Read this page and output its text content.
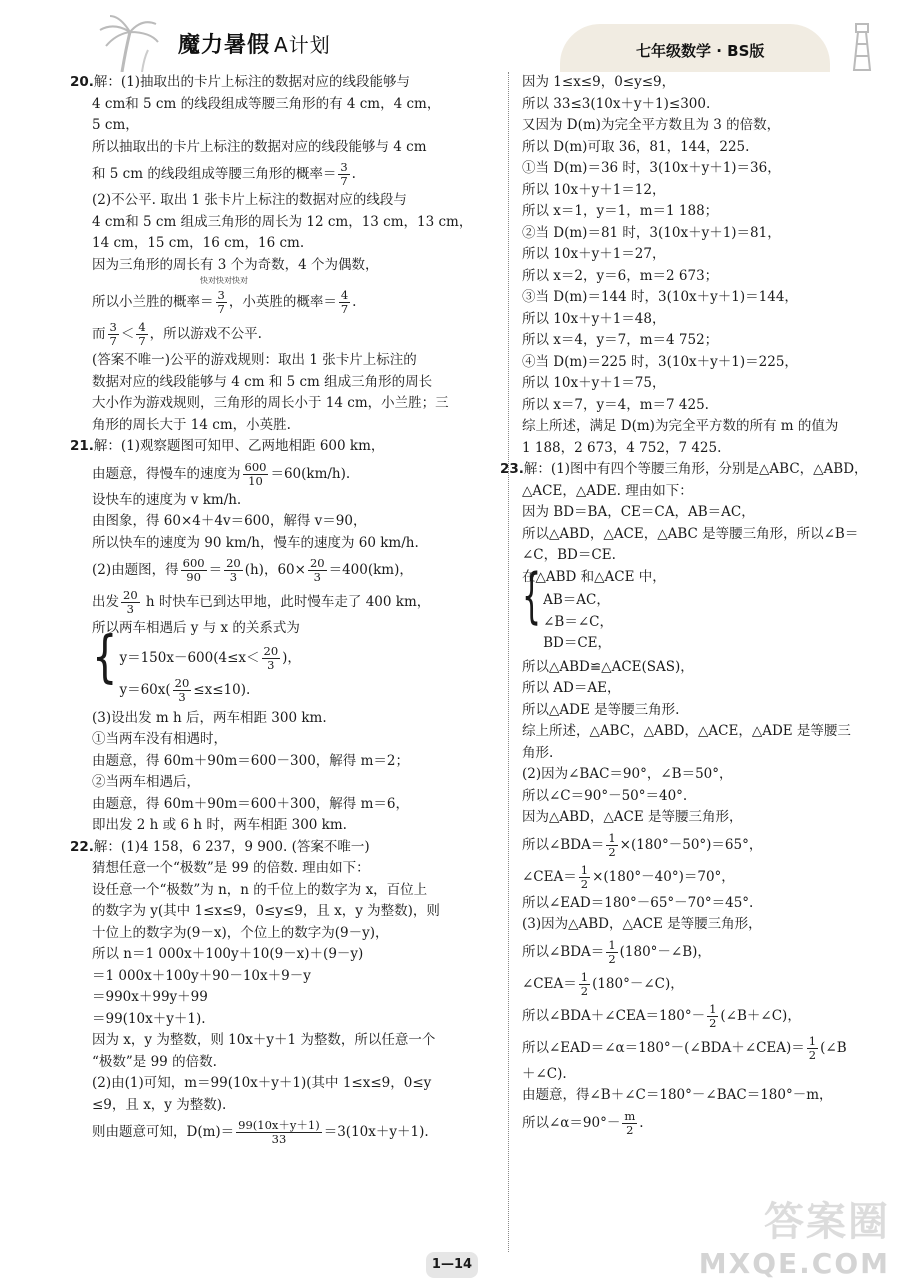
魔力暑假 A计划	七年级数学 · BS版

20.解：(1)抽取出的卡片上标注的数据对应的线段能够与

4 cm和 5 cm 的线段组成等腰三角形的有 4 cm，4 cm，

5 cm，

所以抽取出的卡片上标注的数据对应的线段能够与 4 cm

和 5 cm 的线段组成等腰三角形的概率＝ $\frac{3}{7}$ .

(2)不公平. 取出 1 张卡片上标注的数据对应的线段与

4 cm和 5 cm 组成三角形的周长为 12 cm，13 cm，13 cm，

14 cm，15 cm，16 cm，16 cm.

因为三角形的周长有 3 个为奇数，4 个为偶数，

快对快对快对

所以小兰胜的概率＝ $\frac{3}{7}$ ，小英胜的概率＝ $\frac{4}{7}$ .

而 $\frac{3}{7} < \frac{4}{7}$ ，所以游戏不公平.

(答案不唯一)公平的游戏规则：取出 1 张卡片上标注的

数据对应的线段能够与 4 cm 和 5 cm 组成三角形的周长

大小作为游戏规则，三角形的周长小于 14 cm，小兰胜；三

角形的周长大于 14 cm，小英胜.

21.解：(1)观察题图可知甲、乙两地相距 600 km，

由题意，得慢车的速度为 $\frac{600}{10} =60(km/h)$.

设快车的速度为 v km/h.

由图象，得 60×4＋4v＝600，解得 v＝90，

所以快车的速度为 90 km/h，慢车的速度为 60 km/h.

(2)由题图，得 $\frac{600}{90} = \frac{20}{3} (h)$，$60\times \frac{20}{3} =400(km)$，

出发 $\frac{20}{3}$ h 时快车已到达甲地，此时慢车走了 400 km，

所以两车相遇后 y 与 x 的关系式为

{ $y=150x-600(4\le x< \frac{20}{3}$ )，

$y=60x( \frac{20}{3} \le x\le 10)$.

(3)设出发 m h 后，两车相距 300 km.

①当两车没有相遇时，

由题意，得 60m＋90m＝600－300，解得 m＝2；

②当两车相遇后，

由题意，得 60m＋90m＝600＋300，解得 m＝6，

即出发 2 h 或 6 h 时，两车相距 300 km.

22.解：(1)4 158，6 237，9 900. (答案不唯一)

猜想任意一个“极数”是 99 的倍数. 理由如下：

设任意一个“极数”为 n，n 的千位上的数字为 x，百位上

的数字为 y(其中 1≤x≤9，0≤y≤9，且 x，y 为整数)，则

十位上的数字为(9－x)，个位上的数字为(9－y)，

所以 n＝1 000x＋100y＋10(9－x)＋(9－y)

＝1 000x＋100y＋90－10x＋9－y

＝990x＋99y＋99

＝99(10x＋y＋1).

因为 x，y 为整数，则 10x＋y＋1 为整数，所以任意一个

“极数”是 99 的倍数.

(2)由(1)可知，m＝99(10x＋y＋1)(其中 1≤x≤9，0≤y

≤9，且 x，y 为整数).

则由题意可知，$D(m)= \frac{99(10x+y+1)}{33} =3(10x+y+1)$.

因为 1≤x≤9，0≤y≤9，

所以 33≤3(10x＋y＋1)≤300.

又因为 D(m)为完全平方数且为 3 的倍数，

所以 D(m)可取 36，81，144，225.

①当 D(m)＝36 时，3(10x＋y＋1)＝36，

所以 10x＋y＋1＝12，

所以 x＝1，y＝1，m＝1 188；

②当 D(m)＝81 时，3(10x＋y＋1)＝81，

所以 10x＋y＋1＝27，

所以 x＝2，y＝6，m＝2 673；

③当 D(m)＝144 时，3(10x＋y＋1)＝144，

所以 10x＋y＋1＝48，

所以 x＝4，y＝7，m＝4 752；

④当 D(m)＝225 时，3(10x＋y＋1)＝225，

所以 10x＋y＋1＝75，

所以 x＝7，y＝4，m＝7 425.

综上所述，满足 D(m)为完全平方数的所有 m 的值为

1 188，2 673，4 752，7 425.

23.解：(1)图中有四个等腰三角形，分别是△ABC，△ABD，

△ACE，△ADE. 理由如下：

因为 BD＝BA，CE＝CA，AB＝AC，

所以△ABD，△ACE，△ABC 是等腰三角形，所以∠B＝

∠C，BD＝CE.

在△ABD 和△ACE 中，

{ AB＝AC，

∠B＝∠C，

BD＝CE，

所以△ABD≌△ACE(SAS)，

所以 AD＝AE，

所以△ADE 是等腰三角形.

综上所述，△ABC，△ABD，△ACE，△ADE 是等腰三

角形.

(2)因为∠BAC＝90°，∠B＝50°，

所以∠C＝90°－50°＝40°.

因为△ABD，△ACE 是等腰三角形，

所以∠BDA＝ $\frac{1}{2} \times(180^\circ-50^\circ)=65^\circ$，

∠CEA＝ $\frac{1}{2} \times(180^\circ-40^\circ)=70^\circ$，

所以∠EAD＝180°－65°－70°＝45°.

(3)因为△ABD，△ACE 是等腰三角形，

所以∠BDA＝ $\frac{1}{2}$ (180°－∠B)，

∠CEA＝ $\frac{1}{2}$ (180°－∠C)，

所以∠BDA＋∠CEA＝180°－ $\frac{1}{2}$ (∠B＋∠C)，

所以∠EAD＝∠α＝180°－(∠BDA＋∠CEA)＝ $\frac{1}{2}$ (∠B

＋∠C).

由题意，得∠B＋∠C＝180°－∠BAC＝180°－m，

所以∠α＝90°－ $\frac{m}{2}$ .

1—14
答案圈
MXQE.COM
